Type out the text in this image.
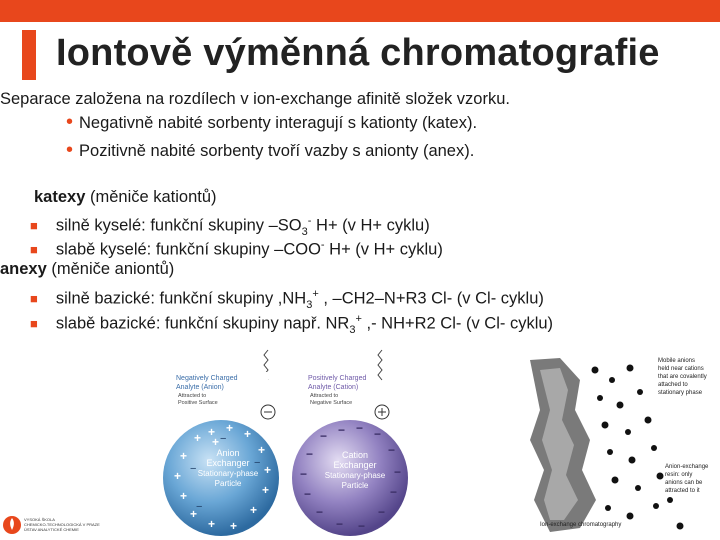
Iontově výměnná chromatografie
Separace založena na rozdílech v ion-exchange afinitě složek vzorku.
• Negativně nabité sorbenty interagují s kationty (katex).
• Pozitivně nabité sorbenty tvoří vazby s anionty (anex).
katexy (měniče kationtů)
■ silně kyselé: funkční skupiny $-SO_3^-$ H+ (v H+ cyklu)
■ slabě kyselé: funkční skupiny –COO- H+ (v H+ cyklu)
anexy (měniče aniontů)
■ silně bazické: funkční skupiny $,NH_3^+$ , –CH2–N+R3 Cl- (v Cl- cyklu)
■ slabě bazické: funkční skupiny např. $NR_3^+$ ,- NH+R2 Cl- (v Cl- cyklu)
Negatively Charged
Analyte (Anion)
Attracted to
Positive Surface
Anion
Exchanger
Stationary-phase
Particle
+ + + +
+	+
+	+
+	+
+	+
+ +
+ −
−	−
−
Positively Charged
Analyte (Cation)
Attracted to
Negative Surface
Cation
Exchanger
Stationary-phase
Particle
− − − −
−	−
−	−
−	−
−	−
− −
Mobile anions
held near cations
that are covalently
attached to
stationary phase
Anion-exchange
resin: only
anions can be
attracted to it
Ion-exchange chromatography
VYSOKÁ ŠKOLA
CHEMICKO-TECHNOLOGICKÁ V PRAZE
ÚSTAV ANALYTICKÉ CHEMIE
